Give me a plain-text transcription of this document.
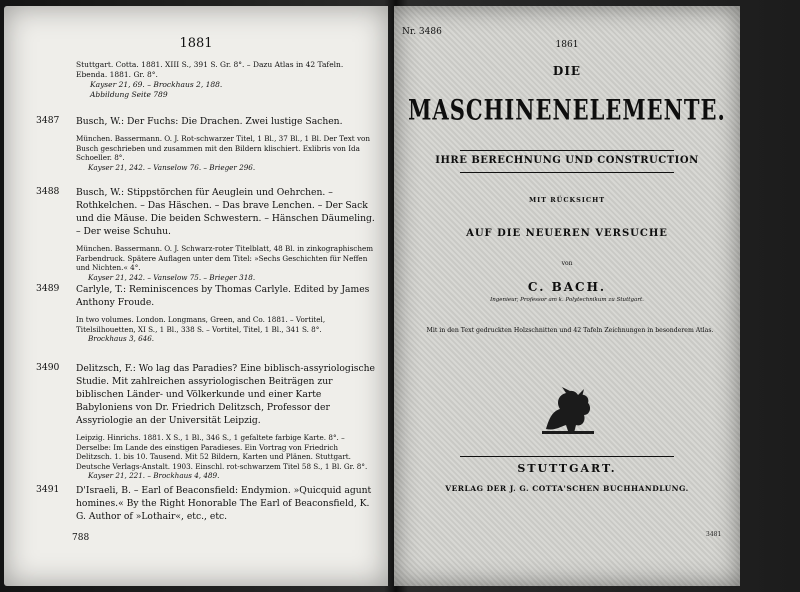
1881
Stuttgart. Cotta. 1881. XIII S., 391 S. Gr. 8°. – Dazu Atlas in 42 Tafeln. Ebenda. 1881. Gr. 8°.
Kayser 21, 69. – Brockhaus 2, 188.
Abbildung Seite 789
3487 Busch, W.: Der Fuchs: Die Drachen. Zwei lustige Sachen.
München. Bassermann. O. J. Rot-schwarzer Titel, 1 Bl., 37 Bl., 1 Bl. Der Text von Busch geschrieben und zusammen mit den Bildern klischiert. Exlibris von Ida Schoeller. 8°.
Kayser 21, 242. – Vanselow 76. – Brieger 296.
3488 Busch, W.: Stippstörchen für Aeuglein und Oehrchen. – Rothkelchen. – Das Häschen. – Das brave Lenchen. – Der Sack und die Mäuse. Die beiden Schwestern. – Hänschen Däumeling. – Der weise Schuhu.
München. Bassermann. O. J. Schwarz-roter Titelblatt, 48 Bl. in zinkographischem Farbendruck. Spätere Auflagen unter dem Titel: »Sechs Geschichten für Neffen und Nichten.« 4°.
Kayser 21, 242. – Vanselow 75. – Brieger 318.
3489 Carlyle, T.: Reminiscences by Thomas Carlyle. Edited by James Anthony Froude.
In two volumes. London. Longmans, Green, and Co. 1881. – Vortitel, Titelsilhouetten, XI S., 1 Bl., 338 S. – Vortitel, Titel, 1 Bl., 341 S. 8°.
Brockhaus 3, 646.
3490 Delitzsch, F.: Wo lag das Paradies? Eine biblisch-assyriologische Studie. Mit zahlreichen assyriologischen Beiträgen zur biblischen Länder- und Völkerkunde und einer Karte Babyloniens von Dr. Friedrich Delitzsch, Professor der Assyriologie an der Universität Leipzig.
Leipzig. Hinrichs. 1881. X S., 1 Bl., 346 S., 1 gefaltete farbige Karte. 8°. – Derselbe: Im Lande des einstigen Paradieses. Ein Vortrag von Friedrich Delitzsch. 1. bis 10. Tausend. Mit 52 Bildern, Karten und Plänen. Stuttgart. Deutsche Verlags-Anstalt. 1903. Einschl. rot-schwarzem Titel 58 S., 1 Bl. Gr. 8°.
Kayser 21, 221. – Brockhaus 4, 489.
3491 D'Israeli, B. – Earl of Beaconsfield: Endymion. »Quicquid agunt homines.« By the Right Honorable The Earl of Beaconsfield, K. G. Author of »Lothair«, etc., etc.
788
Nr. 3486
1861
DIE
MASCHINENELEMENTE.
IHRE BERECHNUNG UND CONSTRUCTION
MIT RÜCKSICHT
AUF DIE NEUEREN VERSUCHE
von
C. BACH.
Ingenieur, Professor am k. Polytechnikum zu Stuttgart.
Mit in den Text gedruckten Holzschnitten und 42 Tafeln Zeichnungen in besonderem Atlas.
STUTTGART.
VERLAG DER J. G. COTTA'SCHEN BUCHHANDLUNG.
3481
